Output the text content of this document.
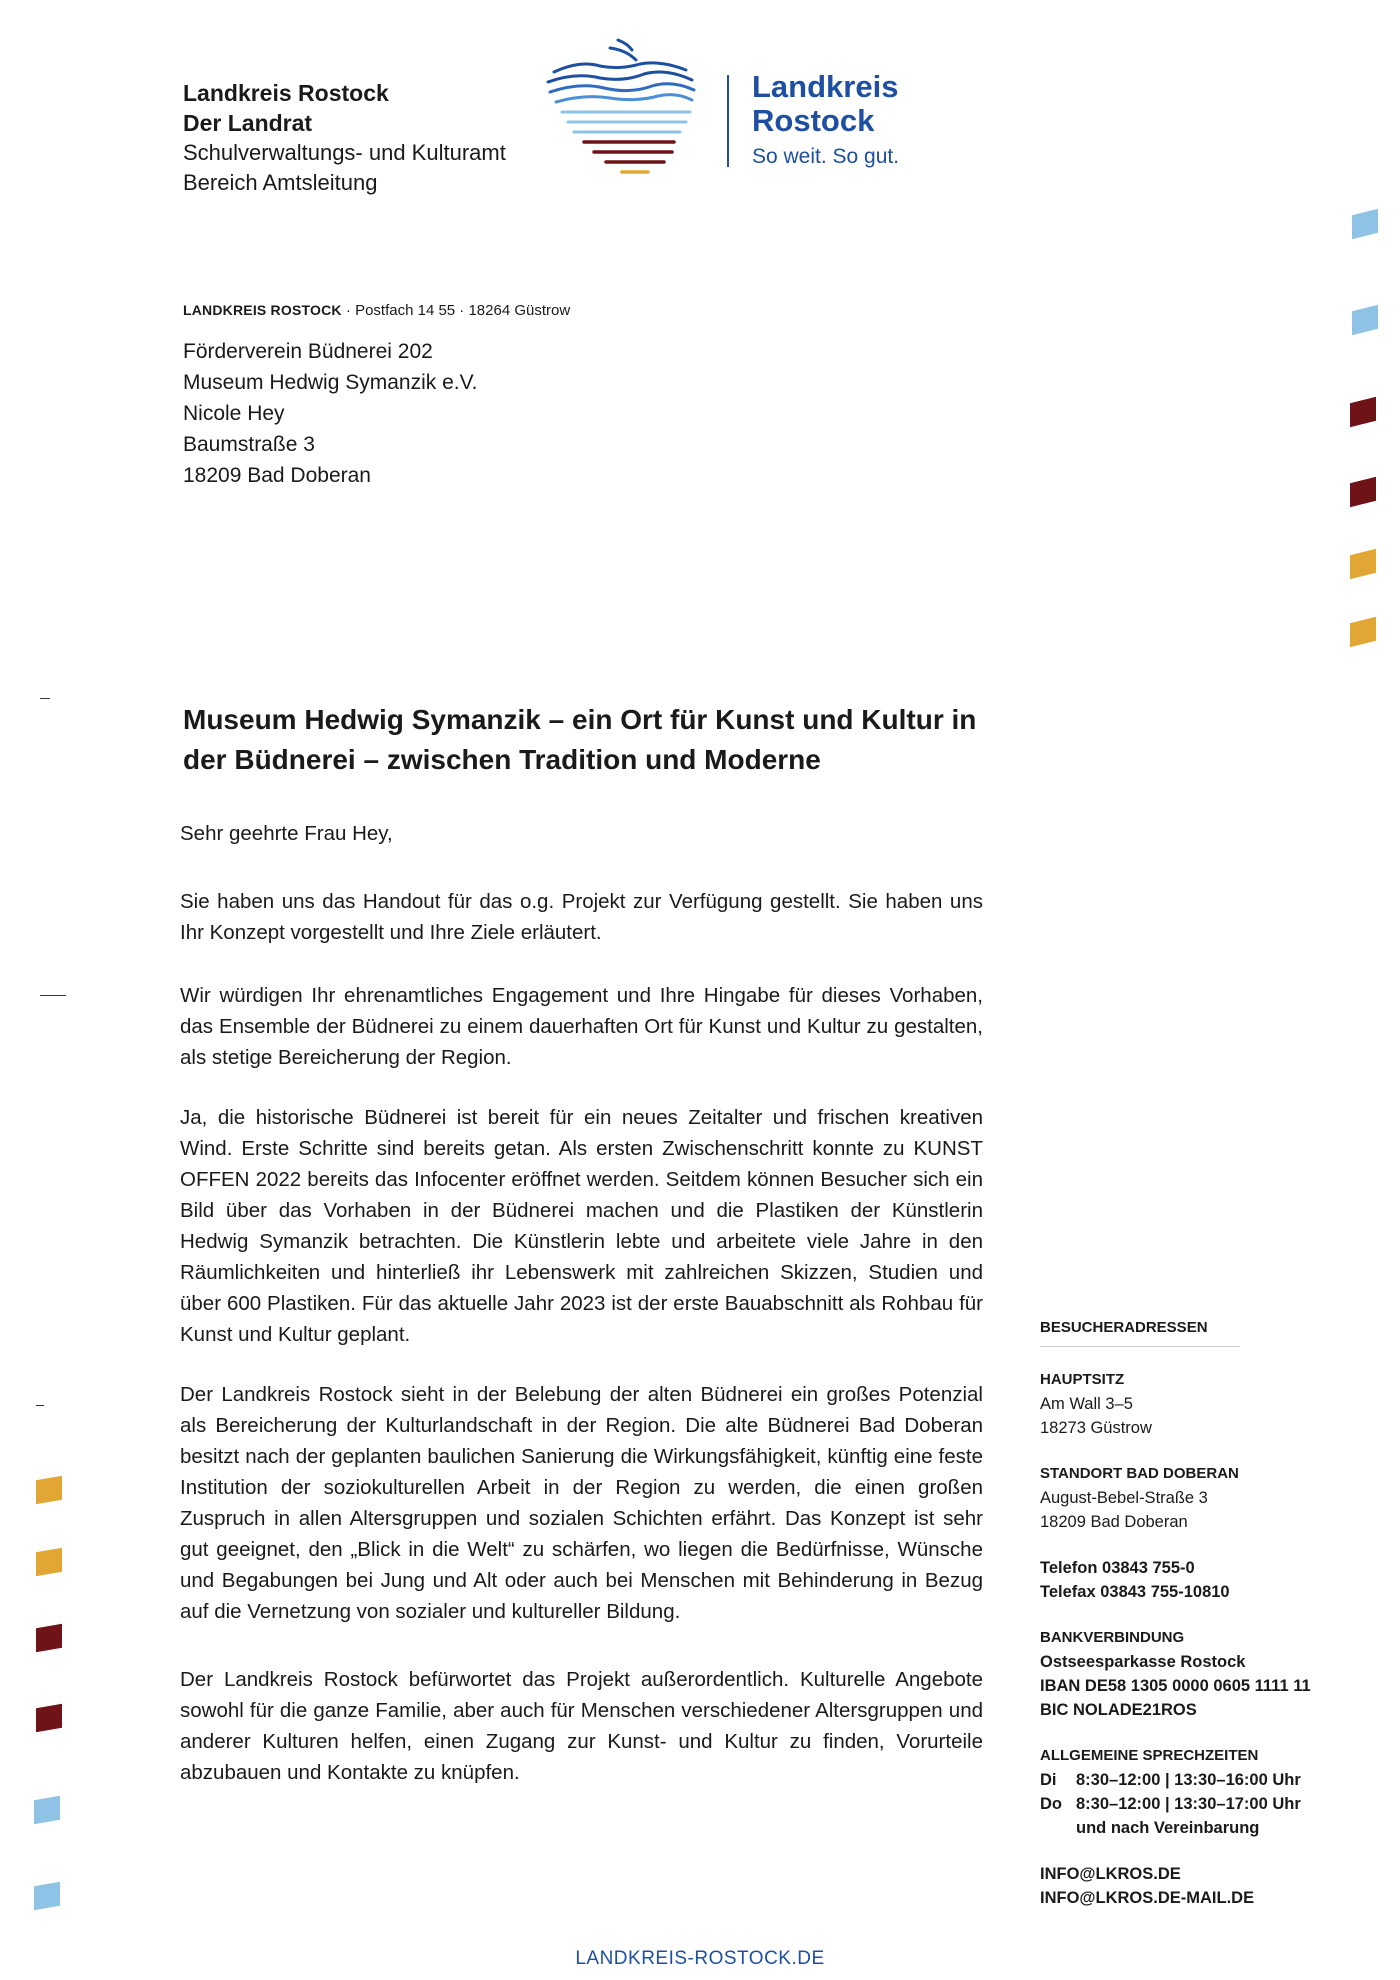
Landkreis Rostock
Der Landrat
Schulverwaltungs- und Kulturamt
Bereich Amtsleitung
Landkreis
Rostock
So weit. So gut.
LANDKREIS ROSTOCK · Postfach 14 55 · 18264 Güstrow
Förderverein Büdnerei 202
Museum Hedwig Symanzik e.V.
Nicole Hey
Baumstraße 3
18209 Bad Doberan
Museum Hedwig Symanzik – ein Ort für Kunst und Kultur in der Büdnerei – zwischen Tradition und Moderne
Sehr geehrte Frau Hey,
Sie haben uns das Handout für das o.g. Projekt zur Verfügung gestellt. Sie haben uns Ihr Konzept vorgestellt und Ihre Ziele erläutert.
Wir würdigen Ihr ehrenamtliches Engagement und Ihre Hingabe für dieses Vorhaben, das Ensemble der Büdnerei zu einem dauerhaften Ort für Kunst und Kultur zu gestalten, als stetige Bereicherung der Region.
Ja, die historische Büdnerei ist bereit für ein neues Zeitalter und frischen kreativen Wind. Erste Schritte sind bereits getan. Als ersten Zwischenschritt konnte zu KUNST OFFEN 2022 bereits das Infocenter eröffnet werden. Seitdem können Besucher sich ein Bild über das Vorhaben in der Büdnerei machen und die Plastiken der Künstlerin Hedwig Symanzik betrachten. Die Künstlerin lebte und arbeitete viele Jahre in den Räumlichkeiten und hinterließ ihr Lebenswerk mit zahlreichen Skizzen, Studien und über 600 Plastiken. Für das aktuelle Jahr 2023 ist der erste Bauabschnitt als Rohbau für Kunst und Kultur geplant.
Der Landkreis Rostock sieht in der Belebung der alten Büdnerei ein großes Potenzial als Bereicherung der Kulturlandschaft in der Region. Die alte Büdnerei Bad Doberan besitzt nach der geplanten baulichen Sanierung die Wirkungsfähigkeit, künftig eine feste Institution der soziokulturellen Arbeit in der Region zu werden, die einen großen Zuspruch in allen Altersgruppen und sozialen Schichten erfährt. Das Konzept ist sehr gut geeignet, den „Blick in die Welt“ zu schärfen, wo liegen die Bedürfnisse, Wünsche und Begabungen bei Jung und Alt oder auch bei Menschen mit Behinderung in Bezug auf die Vernetzung von sozialer und kultureller Bildung.
Der Landkreis Rostock befürwortet das Projekt außerordentlich. Kulturelle Angebote sowohl für die ganze Familie, aber auch für Menschen verschiedener Altersgruppen und anderer Kulturen helfen, einen Zugang zur Kunst- und Kultur zu finden, Vorurteile abzubauen und Kontakte zu knüpfen.
BESUCHERADRESSEN
HAUPTSITZ
Am Wall 3–5
18273 Güstrow
STANDORT BAD DOBERAN
August-Bebel-Straße 3
18209 Bad Doberan
Telefon 03843 755-0
Telefax 03843 755-10810
BANKVERBINDUNG
Ostseesparkasse Rostock
IBAN DE58 1305 0000 0605 1111 11
BIC NOLADE21ROS
ALLGEMEINE SPRECHZEITEN
Di	8:30–12:00 | 13:30–16:00 Uhr
Do 8:30–12:00 | 13:30–17:00 Uhr
und nach Vereinbarung
INFO@LKROS.DE
INFO@LKROS.DE-MAIL.DE
LANDKREIS-ROSTOCK.DE
